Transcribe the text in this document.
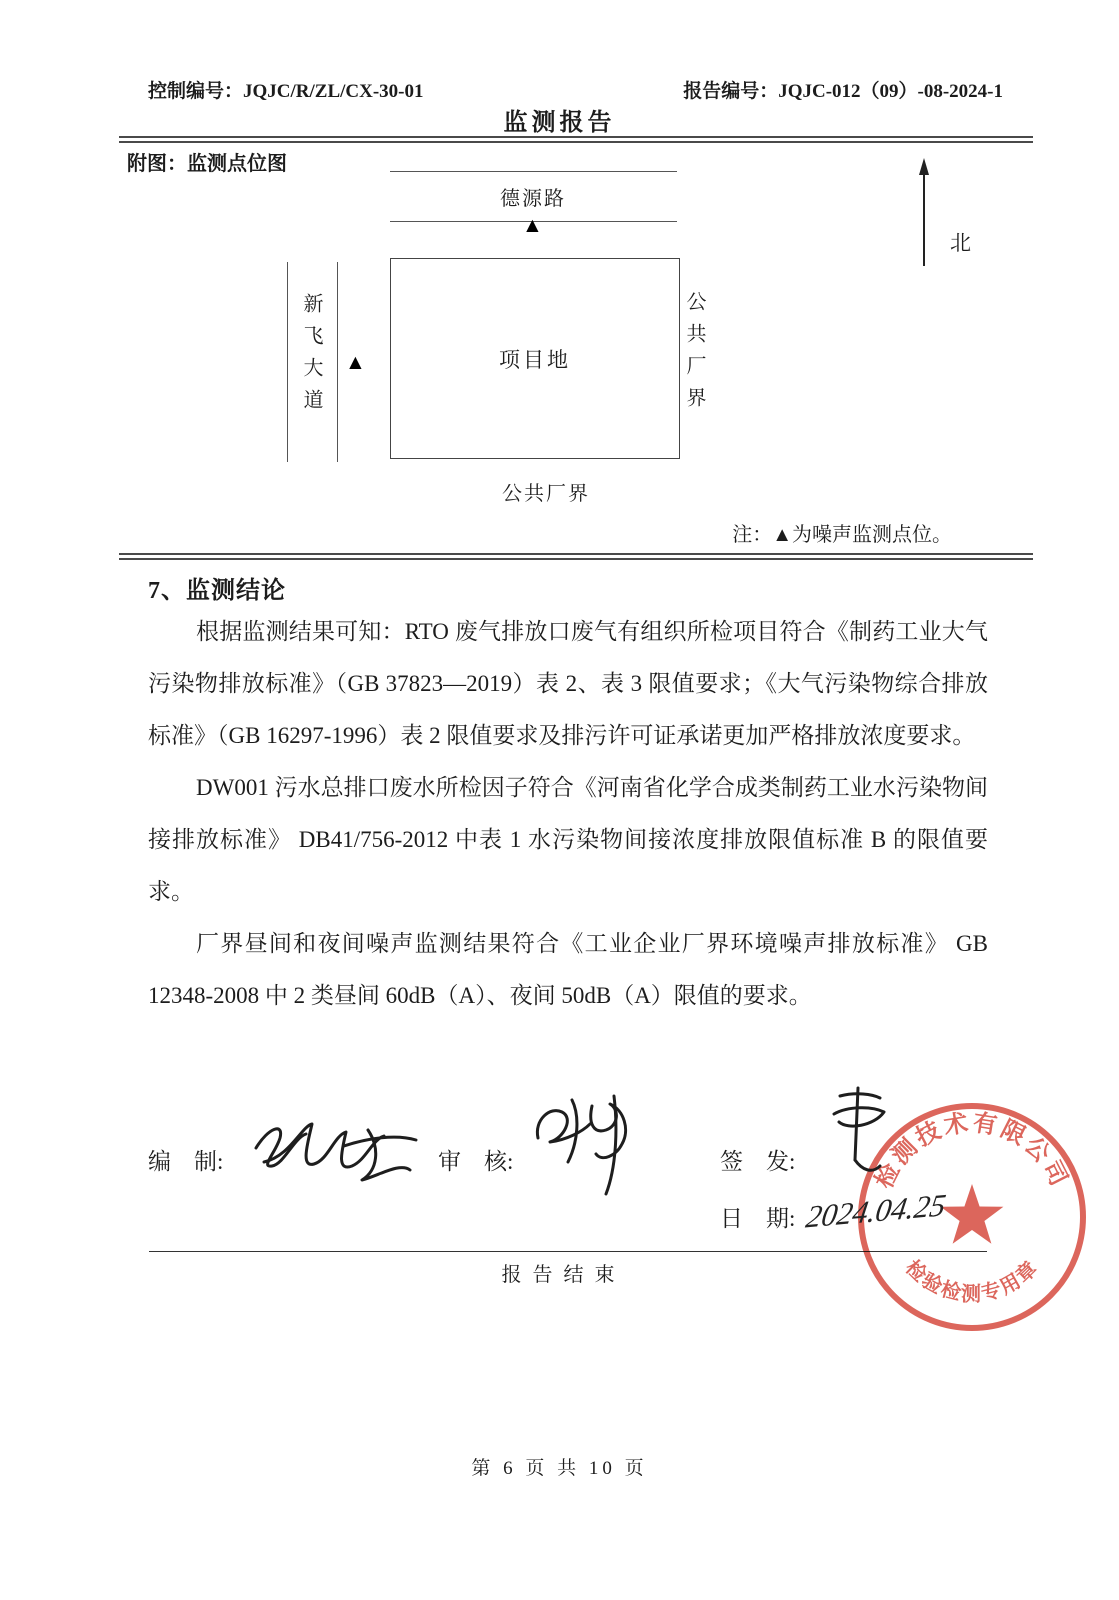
控制编号：JQJC/R/ZL/CX-30-01	报告编号：JQJC-012（09）-08-2024-1
监测报告
附图：监测点位图
德源路
▲
新飞大道 ▲	项目地	公共厂界
公共厂界
北
注：▲为噪声监测点位。
7、监测结论

根据监测结果可知：RTO 废气排放口废气有组织所检项目符合《制药工业大气污染物排放标准》（GB 37823—2019）表 2、表 3 限值要求；《大气污染物综合排放标准》（GB 16297-1996）表 2 限值要求及排污许可证承诺更加严格排放浓度要求。

DW001 污水总排口废水所检因子符合《河南省化学合成类制药工业水污染物间接排放标准》 DB41/756-2012 中表 1 水污染物间接浓度排放限值标准 B 的限值要求。

厂界昼间和夜间噪声监测结果符合《工业企业厂界环境噪声排放标准》 GB 12348-2008 中 2 类昼间 60dB（A）、夜间 50dB（A）限值的要求。

编　制:	审　核:	签　发:
日　期: 2024.04.25
报 告 结 束
检测技术有限公司
检验检测专用章
第 6 页 共 10 页
